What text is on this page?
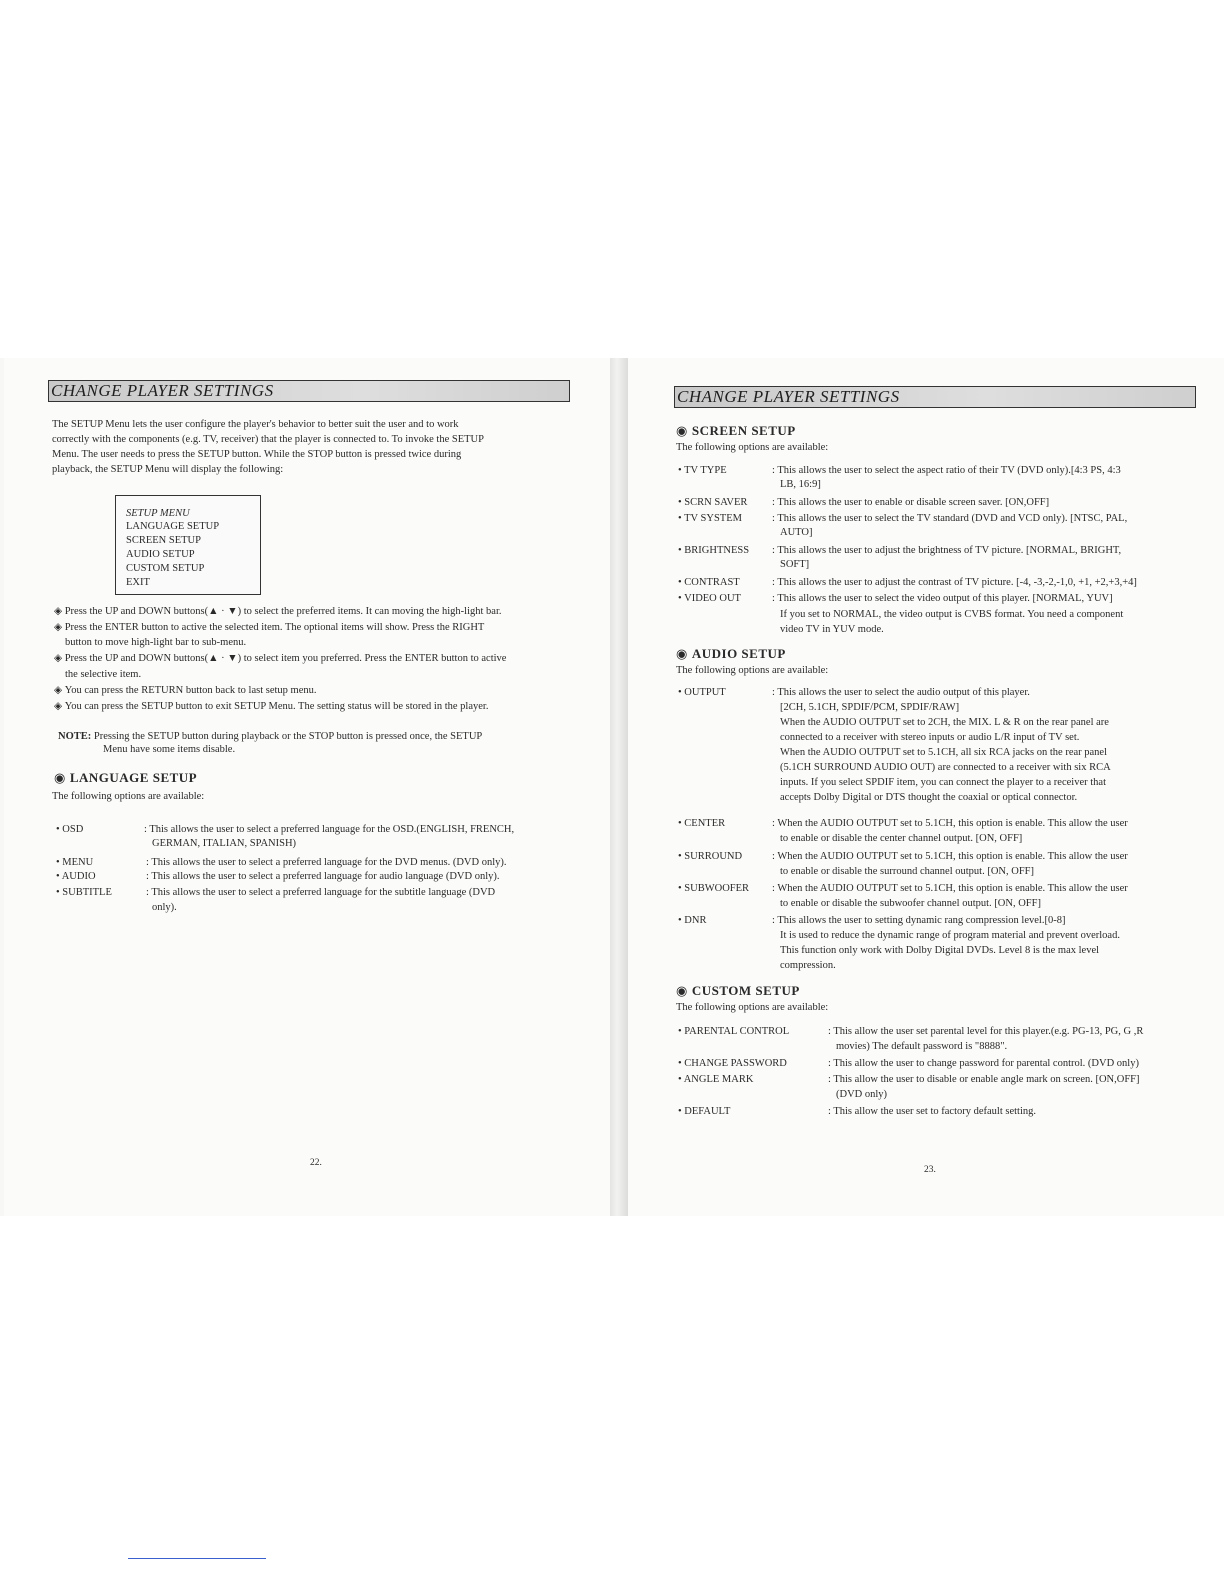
CHANGE PLAYER SETTINGS
The SETUP Menu lets the user configure the player's behavior to better suit the user and to work
correctly with the components (e.g. TV, receiver) that the player is connected to. To invoke the SETUP
Menu. The user needs to press the SETUP button. While the STOP button is pressed twice during
playback, the SETUP Menu will display the following:
SETUP MENU
LANGUAGE SETUP
SCREEN SETUP
AUDIO SETUP
CUSTOM SETUP
EXIT
◈ Press the UP and DOWN buttons(▲ · ▼) to select the preferred items. It can moving the high-light bar.
◈ Press the ENTER button to active the selected item. The optional items will show. Press the RIGHT
button to move high-light bar to sub-menu.
◈ Press the UP and DOWN buttons(▲ · ▼) to select item you preferred. Press the ENTER button to active
the selective item.
◈ You can press the RETURN button back to last setup menu.
◈ You can press the SETUP button to exit SETUP Menu. The setting status will be stored in the player.
NOTE: Pressing the SETUP button during playback or the STOP button is pressed once, the SETUP
Menu have some items disable.
◉ LANGUAGE SETUP
The following options are available:
• OSD	: This allows the user to select a preferred language for the OSD.(ENGLISH, FRENCH,
GERMAN, ITALIAN, SPANISH)
• MENU	: This allows the user to select a preferred language for the DVD menus. (DVD only).
• AUDIO	: This allows the user to select a preferred language for audio language (DVD only).
• SUBTITLE	: This allows the user to select a preferred language for the subtitle language (DVD
only).
22.
CHANGE PLAYER SETTINGS
◉ SCREEN SETUP
The following options are available:
• TV TYPE	: This allows the user to select the aspect ratio of their TV (DVD only).[4:3 PS, 4:3
LB, 16:9]
• SCRN SAVER : This allows the user to enable or disable screen saver. [ON,OFF]
• TV SYSTEM	: This allows the user to select the TV standard (DVD and VCD only). [NTSC, PAL,
AUTO]
• BRIGHTNESS : This allows the user to adjust the brightness of TV picture. [NORMAL, BRIGHT,
SOFT]
• CONTRAST	: This allows the user to adjust the contrast of TV picture. [-4, -3,-2,-1,0, +1, +2,+3,+4]
• VIDEO OUT	: This allows the user to select the video output of this player. [NORMAL, YUV]
If you set to NORMAL, the video output is CVBS format. You need a component
video TV in YUV mode.
◉ AUDIO SETUP
The following options are available:
• OUTPUT	: This allows the user to select the audio output of this player.
[2CH, 5.1CH, SPDIF/PCM, SPDIF/RAW]
When the AUDIO OUTPUT set to 2CH, the MIX. L & R on the rear panel are
connected to a receiver with stereo inputs or audio L/R input of TV set.
When the AUDIO OUTPUT set to 5.1CH, all six RCA jacks on the rear panel
(5.1CH SURROUND AUDIO OUT) are connected to a receiver with six RCA
inputs. If you select SPDIF item, you can connect the player to a receiver that
accepts Dolby Digital or DTS thought the coaxial or optical connector.
• CENTER	: When the AUDIO OUTPUT set to 5.1CH, this option is enable. This allow the user
to enable or disable the center channel output. [ON, OFF]
• SURROUND	: When the AUDIO OUTPUT set to 5.1CH, this option is enable. This allow the user
to enable or disable the surround channel output. [ON, OFF]
• SUBWOOFER : When the AUDIO OUTPUT set to 5.1CH, this option is enable. This allow the user
to enable or disable the subwoofer channel output. [ON, OFF]
• DNR	: This allows the user to setting dynamic rang compression level.[0-8]
It is used to reduce the dynamic range of program material and prevent overload.
This function only work with Dolby Digital DVDs. Level 8 is the max level
compression.
◉ CUSTOM SETUP
The following options are available:
• PARENTAL CONTROL	: This allow the user set parental level for this player.(e.g. PG-13, PG, G ,R
movies) The default password is "8888".
• CHANGE PASSWORD	: This allow the user to change password for parental control. (DVD only)
• ANGLE MARK	: This allow the user to disable or enable angle mark on screen. [ON,OFF]
(DVD only)
• DEFAULT	: This allow the user set to factory default setting.
23.
